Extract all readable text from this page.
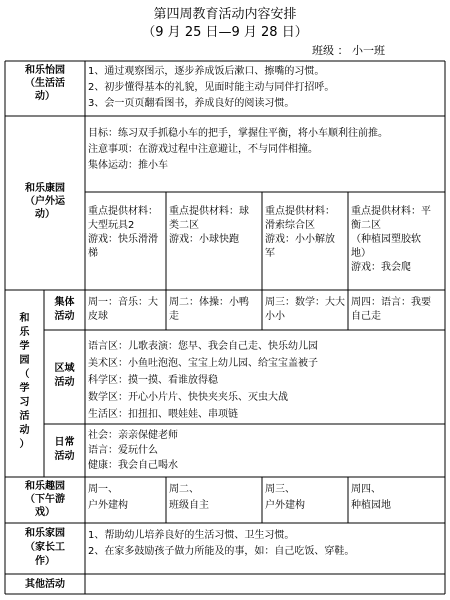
第四周教育活动内容安排
（9 月 25 日—9 月 28 日）
班级 ： 小一班
和乐怡园
（生活活
动）
1、通过观察图示，逐步养成饭后漱口、擦嘴的习惯。
2、初步懂得基本的礼貌，见面时能主动与同伴打招呼。
3、会一页页翻看图书，养成良好的阅读习惯。
和乐康园
（户外运
动）
目标：练习双手抓稳小车的把手，掌握住平衡，将小车顺利往前推。
注意事项：在游戏过程中注意避让，不与同伴相撞。
集体运动：推小车
重点提供材料：
大型玩具2
游戏：快乐滑滑
梯
重点提供材料：球
类二区
游戏：小球快跑
重点提供材料：
滑索综合区
游戏：小小解放
军
重点提供材料：平
衡二区
（种植园塑胶软
地）
游戏：我会爬
和
乐
学
园
（
学
习
活
动
）
集体
活动
周一：音乐：大
皮球
周二：体操：小鸭
走
周三：数学：大大
小小
周四：语言：我要
自己走
区域
活动
语言区：儿歌表演：您早、我会自己走、快乐幼儿园
美术区：小鱼吐泡泡、宝宝上幼儿园、给宝宝盖被子
科学区：摸一摸、看谁放得稳
数学区：开心小片片、快快夹夹乐、灭虫大战
生活区：扣扭扣、喂娃娃、串项链
日常
活动
社会：亲亲保健老师
语言：爱玩什么
健康：我会自己喝水
和乐趣园
（下午游
戏）
周一、
户外建构
周二、
班级自主
周三、
户外建构
周四、
种植园地
和乐家园
（家长工
作）
1、帮助幼儿培养良好的生活习惯、卫生习惯。
2、在家多鼓励孩子做力所能及的事，如：自己吃饭、穿鞋。
其他活动
